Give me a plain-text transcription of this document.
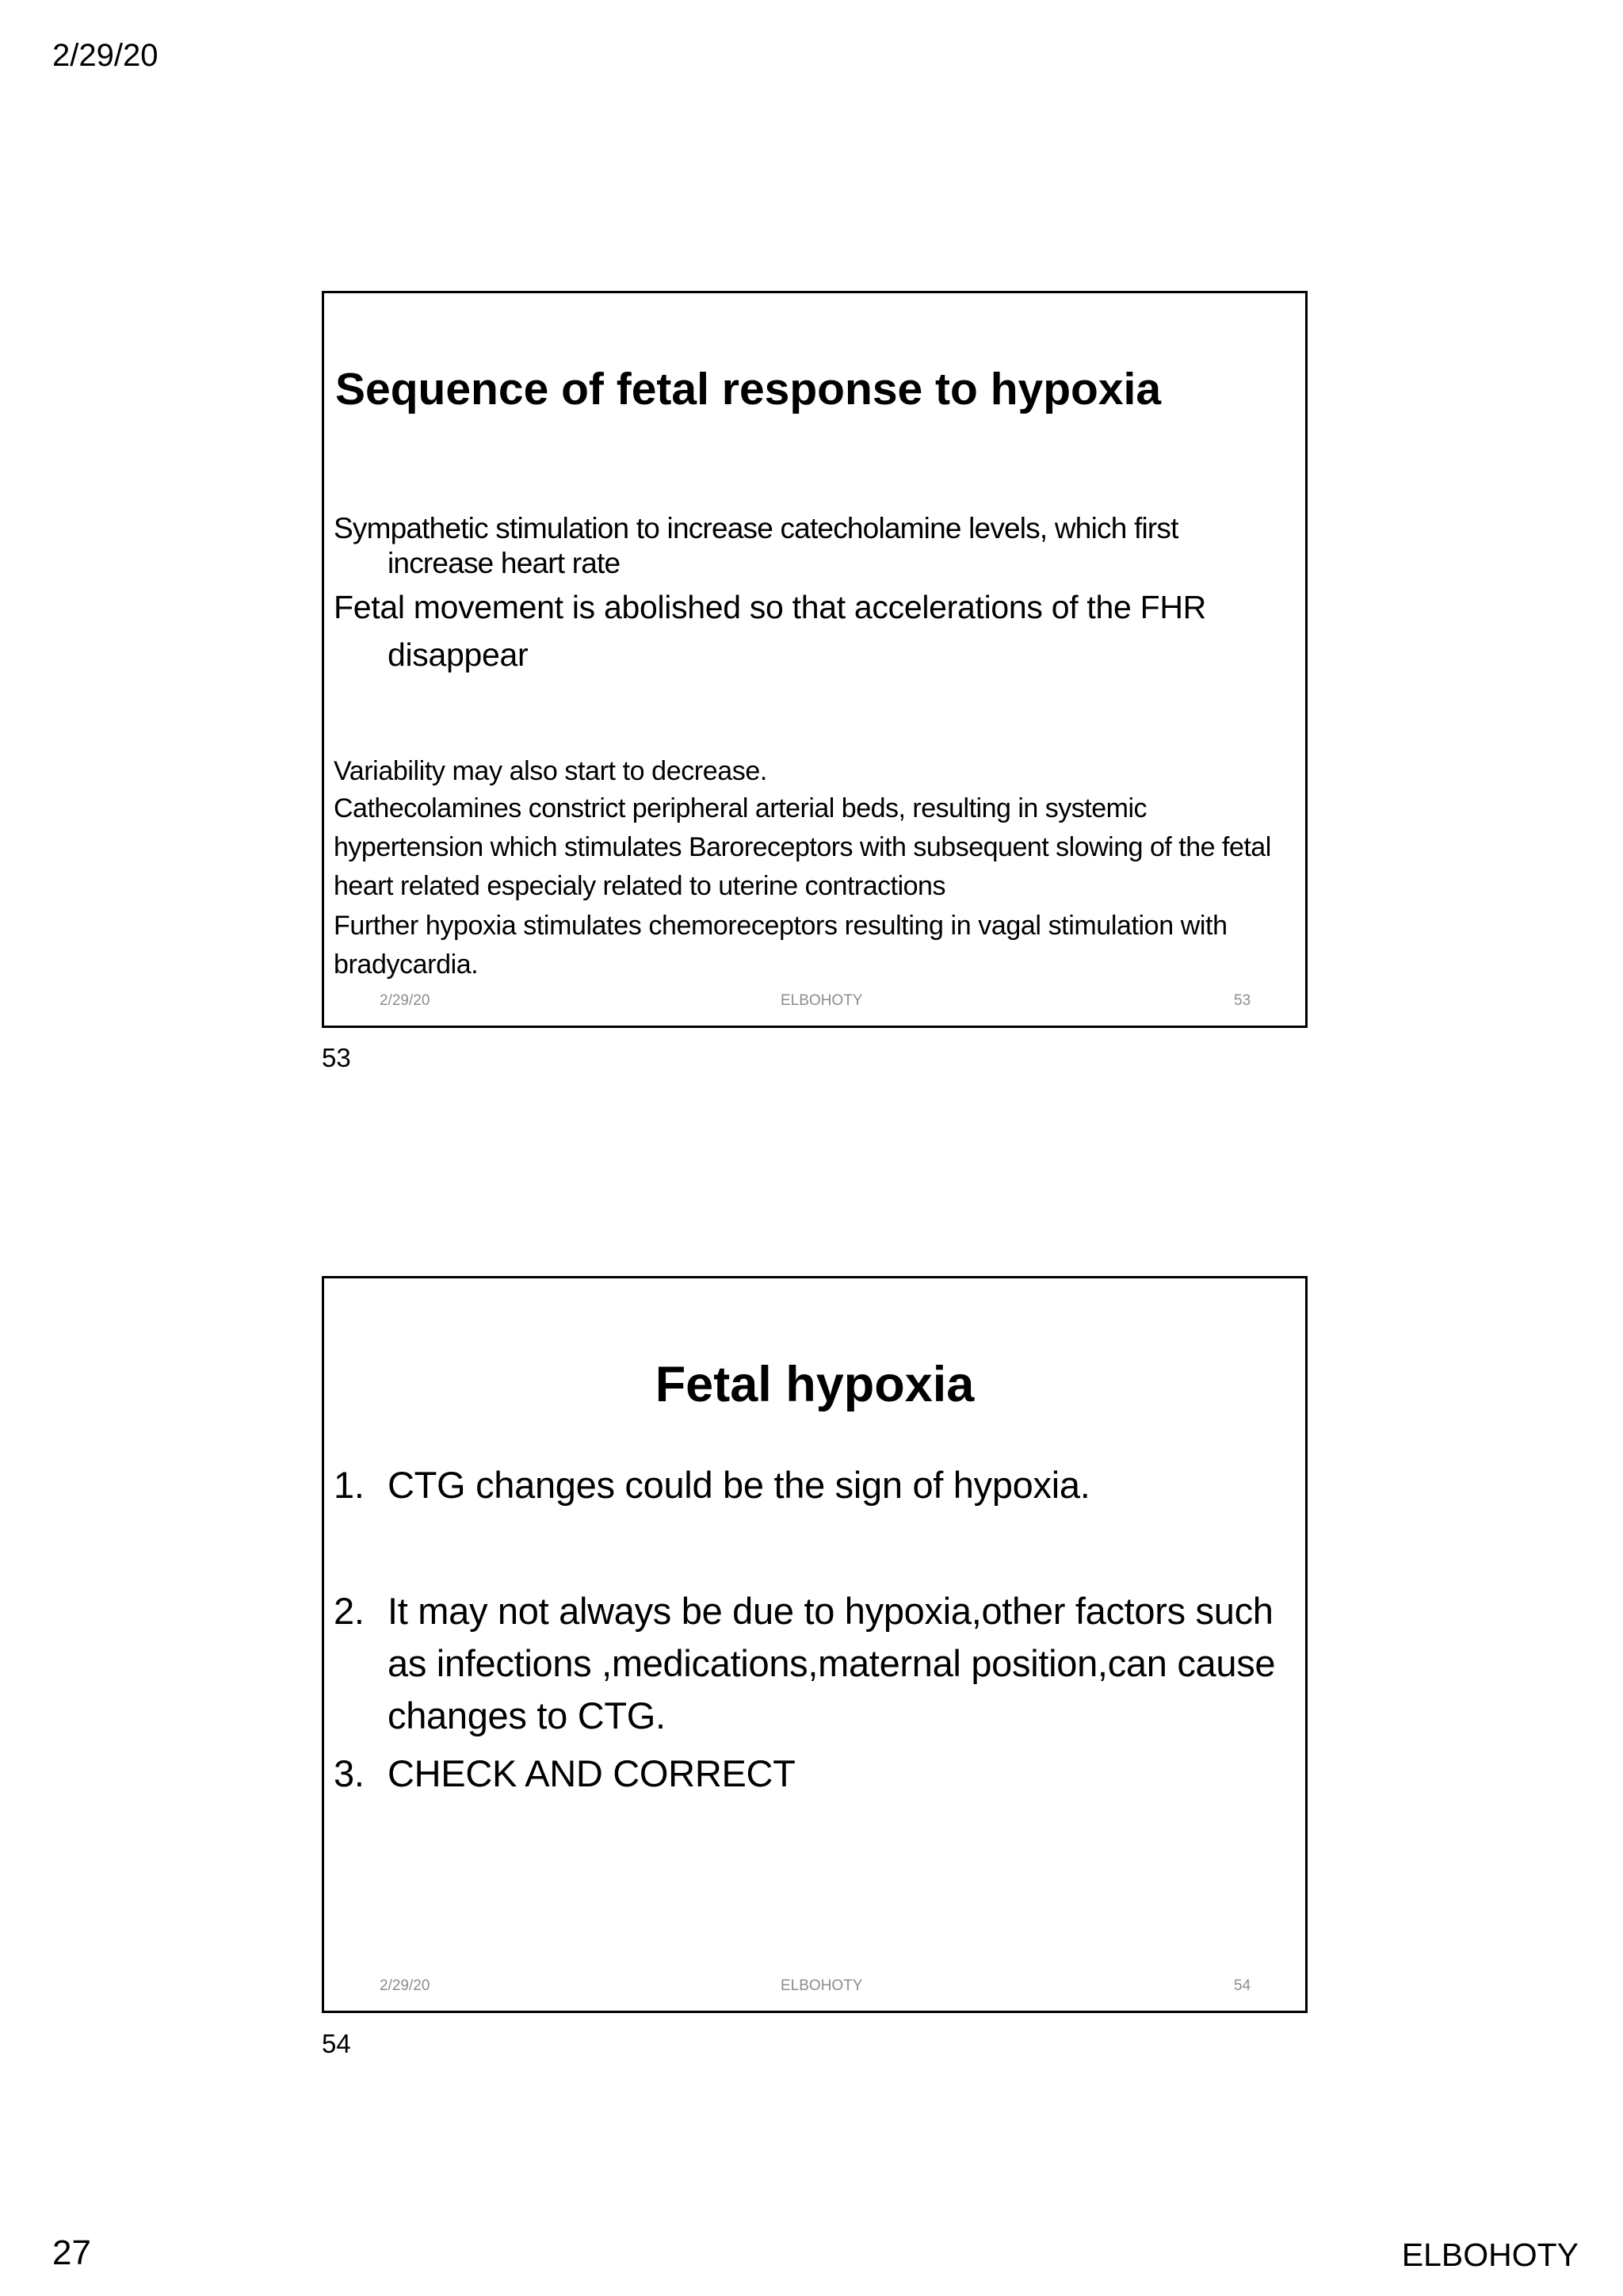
2/29/20
Sequence of fetal response to hypoxia
Sympathetic stimulation to increase catecholamine levels, which first
increase heart rate
Fetal movement is abolished so that accelerations of the FHR
disappear
Variability may also start to decrease.
Cathecolamines constrict peripheral arterial beds, resulting in systemic hypertension which stimulates Baroreceptors with subsequent slowing of the fetal heart related especialy related to uterine contractions
Further hypoxia stimulates chemoreceptors resulting in vagal stimulation with bradycardia.
2/29/20	ELBOHOTY	53
53
Fetal hypoxia
1. CTG changes could be the sign of hypoxia.
2. It may not always be due to hypoxia,other factors such as infections ,medications,maternal position,can cause changes to CTG.
3. CHECK AND CORRECT
2/29/20	ELBOHOTY	54
54
27	ELBOHOTY
